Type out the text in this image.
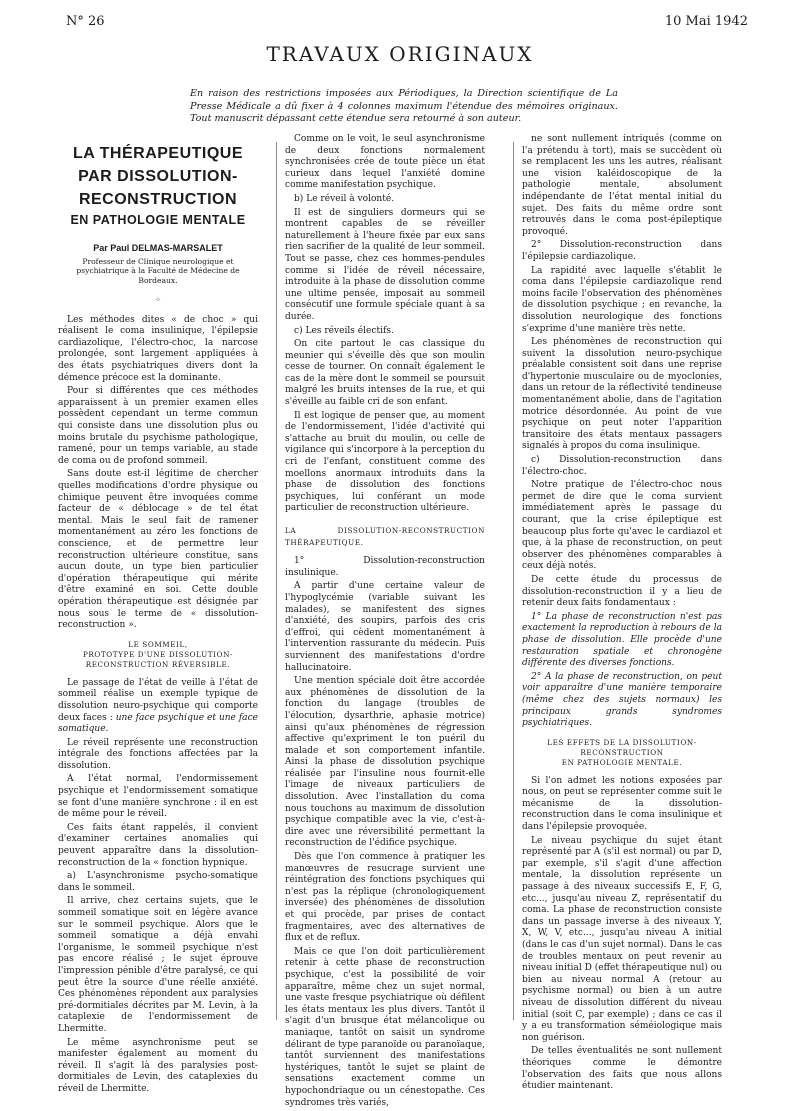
N° 26	10 Mai 1942
TRAVAUX ORIGINAUX
En raison des restrictions imposées aux Périodiques, la Direction scientifique de La Presse Médicale a dû fixer à 4 colonnes maximum l'étendue des mémoires originaux. Tout manuscrit dépassant cette étendue sera retourné à son auteur.
LA THÉRAPEUTIQUE
PAR DISSOLUTION-
RECONSTRUCTION
EN PATHOLOGIE MENTALE
Par Paul DELMAS-MARSALET
Professeur de Clinique neurologique et psychiatrique à la Faculté de Médecine de Bordeaux.
✧

Les méthodes dites « de choc » qui réalisent le coma insulinique, l'épilepsie cardiazolique, l'électro-choc, la narcose prolongée, sont largement appliquées à des états psychiatriques divers dont la démence précoce est la dominante.

Pour si différentes que ces méthodes apparaissent à un premier examen elles possèdent cependant un terme commun qui consiste dans une dissolution plus ou moins brutale du psychisme pathologique, ramené, pour un temps variable, au stade de coma ou de profond sommeil.

Sans doute est-il légitime de chercher quelles modifications d'ordre physique ou chimique peuvent être invoquées comme facteur de « déblocage » de tel état mental. Mais le seul fait de ramener momentanément au zéro les fonctions de conscience, et de permettre leur reconstruction ultérieure constitue, sans aucun doute, un type bien particulier d'opération thérapeutique qui mérite d'être examiné en soi. Cette double opération thérapeutique est désignée par nous sous le terme de « dissolution-reconstruction ».

LE SOMMEIL,
PROTOTYPE D'UNE DISSOLUTION-RECONSTRUCTION RÉVERSIBLE.

Le passage de l'état de veille à l'état de sommeil réalise un exemple typique de dissolution neuro-psychique qui comporte deux faces : une face psychique et une face somatique.

Le réveil représente une reconstruction intégrale des fonctions affectées par la dissolution.

A l'état normal, l'endormissement psychique et l'endormissement somatique se font d'une manière synchrone : il en est de même pour le réveil.

Ces faits étant rappelés, il convient d'examiner certaines anomalies qui peuvent apparaître dans la dissolution-reconstruction de la « fonction hypnique.

a) L'asynchronisme psycho-somatique dans le sommeil.

Il arrive, chez certains sujets, que le sommeil somatique soit en légère avance sur le sommeil psychique. Alors que le sommeil somatique a déjà envahi l'organisme, le sommeil psychique n'est pas encore réalisé ; le sujet éprouve l'impression pénible d'être paralysé, ce qui peut être la source d'une réelle anxiété. Ces phénomènes répondent aux paralysies pré-dormitiales décrites par M. Levin, à la cataplexie de l'endormissement de Lhermitte.

Le même asynchronisme peut se manifester également au moment du réveil. Il s'agit là des paralysies post-dormitiales de Levin, des cataplexies du réveil de Lhermitte.

Comme on le voit, le seul asynchronisme de deux fonctions normalement synchronisées crée de toute pièce un état curieux dans lequel l'anxiété domine comme manifestation psychique.

b) Le réveil à volonté.

Il est de singuliers dormeurs qui se montrent capables de se réveiller naturellement à l'heure fixée par eux sans rien sacrifier de la qualité de leur sommeil. Tout se passe, chez ces hommes-pendules comme si l'idée de réveil nécessaire, introduite à la phase de dissolution comme une ultime pensée, imposait au sommeil consécutif une formule spéciale quant à sa durée.

c) Les réveils électifs.

On cite partout le cas classique du meunier qui s'éveille dès que son moulin cesse de tourner. On connaît également le cas de la mère dont le sommeil se poursuit malgré les bruits intenses de la rue, et qui s'éveille au faible cri de son enfant.

Il est logique de penser que, au moment de l'endormissement, l'idée d'activité qui s'attache au bruit du moulin, ou celle de vigilance qui s'incorpore à la perception du cri de l'enfant, constituent comme des moellons anormaux introduits dans la phase de dissolution des fonctions psychiques, lui conférant un mode particulier de reconstruction ultérieure.

LA DISSOLUTION-RECONSTRUCTION THÉRAPEUTIQUE.

1° Dissolution-reconstruction insulinique.

A partir d'une certaine valeur de l'hypoglycémie (variable suivant les malades), se manifestent des signes d'anxiété, des soupirs, parfois des cris d'effroi, qui cèdent momentanément à l'intervention rassurante du médecin. Puis surviennent des manifestations d'ordre hallucinatoire.

Une mention spéciale doit être accordée aux phénomènes de dissolution de la fonction du langage (troubles de l'élocution, dysarthrie, aphasie motrice) ainsi qu'aux phénomènes de régression affective qu'expriment le ton puéril du malade et son comportement infantile. Ainsi la phase de dissolution psychique réalisée par l'insuline nous fournit-elle l'image de niveaux particuliers de dissolution. Avec l'installation du coma nous touchons au maximum de dissolution psychique compatible avec la vie, c'est-à-dire avec une réversibilité permettant la reconstruction de l'édifice psychique.

Dès que l'on commence à pratiquer les manœuvres de resucrage survient une réintégration des fonctions psychiques qui n'est pas la réplique (chronologiquement inversée) des phénomènes de dissolution et qui procède, par prises de contact fragmentaires, avec des alternatives de flux et de reflux.

Mais ce que l'on doit particulièrement retenir à cette phase de reconstruction psychique, c'est la possibilité de voir apparaître, même chez un sujet normal, une vaste fresque psychiatrique où défilent les états mentaux les plus divers. Tantôt il s'agit d'un brusque état mélancolique ou maniaque, tantôt on saisit un syndrome délirant de type paranoïde ou paranoïaque, tantôt surviennent des manifestations hystériques, tantôt le sujet se plaint de sensations exactement comme un hypochondriaque ou un cénestopathe. Ces syndromes très variés,

ne sont nullement intriqués (comme on l'a prétendu à tort), mais se succèdent où se remplacent les uns les autres, réalisant une vision kaléidoscopique de la pathologie mentale, absolument indépendante de l'état mental initial du sujet. Des faits du même ordre sont retrouvés dans le coma post-épileptique provoqué.

2° Dissolution-reconstruction dans l'épilepsie cardiazolique.

La rapidité avec laquelle s'établit le coma dans l'épilepsie cardiazolique rend moins facile l'observation des phénomènes de dissolution psychique ; en revanche, la dissolution neurologique des fonctions s'exprime d'une manière très nette.

Les phénomènes de reconstruction qui suivent la dissolution neuro-psychique préalable consistent soit dans une reprise d'hypertonie musculaire ou de myoclonies, dans un retour de la réflectivité tendineuse momentanément abolie, dans de l'agitation motrice désordonnée. Au point de vue psychique on peut noter l'apparition transitoire des états mentaux passagers signalés à propos du coma insulinique.

c) Dissolution-reconstruction dans l'électro-choc.

Notre pratique de l'électro-choc nous permet de dire que le coma survient immédiatement après le passage du courant, que la crise épileptique est beaucoup plus forte qu'avec le cardiazol et que, à la phase de reconstruction, on peut observer des phénomènes comparables à ceux déjà notés.

De cette étude du processus de dissolution-reconstruction il y a lieu de retenir deux faits fondamentaux :

1° La phase de reconstruction n'est pas exactement la reproduction à rebours de la phase de dissolution. Elle procède d'une restauration spatiale et chronogène différente des diverses fonctions.

2° A la phase de reconstruction, on peut voir apparaître d'une manière temporaire (même chez des sujets normaux) les principaux grands syndromes psychiatriques.

LES EFFETS DE LA DISSOLUTION-RECONSTRUCTION
EN PATHOLOGIE MENTALE.

Si l'on admet les notions exposées par nous, on peut se représenter comme suit le mécanisme de la dissolution-reconstruction dans le coma insulinique et dans l'épilepsie provoquée.

Le niveau psychique du sujet étant représenté par A (s'il est normal) ou par D, par exemple, s'il s'agit d'une affection mentale, la dissolution représente un passage à des niveaux successifs E, F, G, etc..., jusqu'au niveau Z, représentatif du coma. La phase de reconstruction consiste dans un passage inverse à des niveaux Y, X, W, V, etc..., jusqu'au niveau A initial (dans le cas d'un sujet normal). Dans le cas de troubles mentaux on peut revenir au niveau initial D (effet thérapeutique nul) ou bien au niveau normal A (retour au psychisme normal) ou bien à un autre niveau de dissolution différent du niveau initial (soit C, par exemple) ; dans ce cas il y a eu transformation séméiologique mais non guérison.

De telles éventualités ne sont nullement théoriques comme le démontre l'observation des faits que nous allons étudier maintenant.
